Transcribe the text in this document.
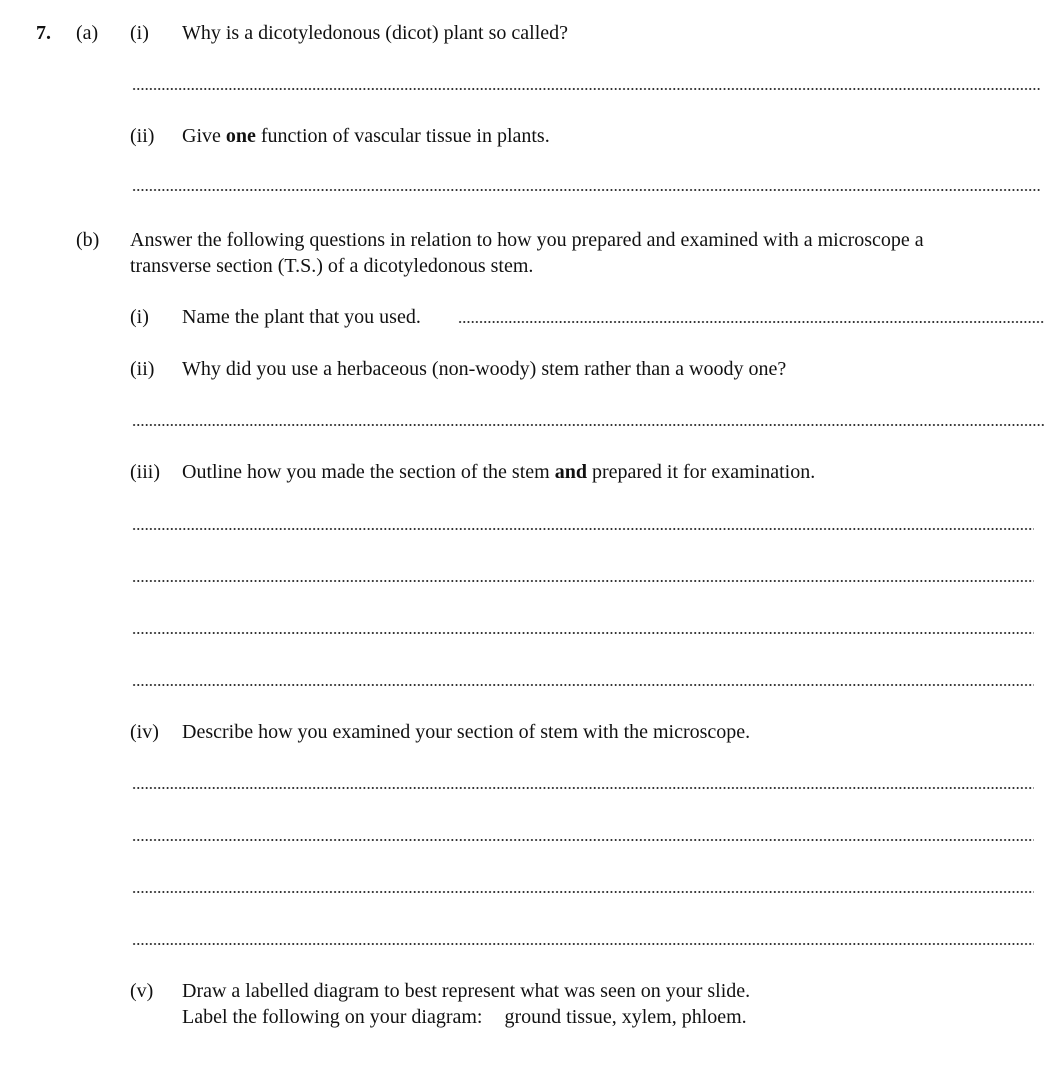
7. (a) (i) Why is a dicotyledonous (dicot) plant so called?
(ii) Give one function of vascular tissue in plants.
(b) Answer the following questions in relation to how you prepared and examined with a microscope a
transverse section (T.S.) of a dicotyledonous stem.
(i) Name the plant that you used.
(ii) Why did you use a herbaceous (non-woody) stem rather than a woody one?
(iii) Outline how you made the section of the stem and prepared it for examination.
(iv) Describe how you examined your section of stem with the microscope.
(v) Draw a labelled diagram to best represent what was seen on your slide.
Label the following on your diagram: ground tissue, xylem, phloem.
